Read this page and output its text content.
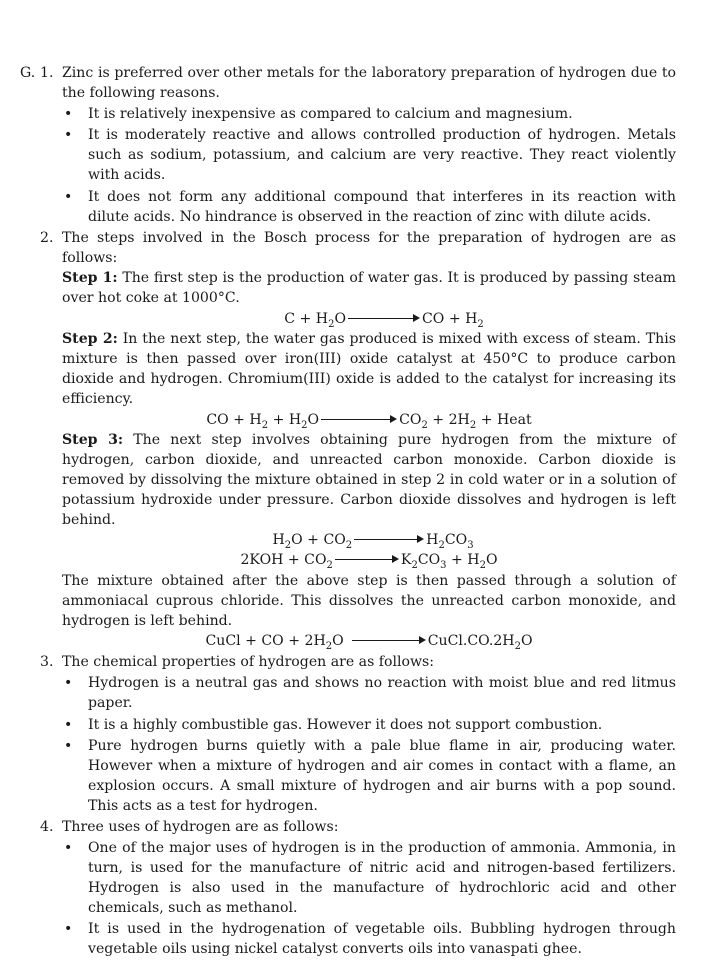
G. 1. Zinc is preferred over other metals for the laboratory preparation of hydrogen due to the following reasons.

• It is relatively inexpensive as compared to calcium and magnesium.
• It is moderately reactive and allows controlled production of hydrogen. Metals such as sodium, potassium, and calcium are very reactive. They react violently with acids.
• It does not form any additional compound that interferes in its reaction with dilute acids. No hindrance is observed in the reaction of zinc with dilute acids.
2. The steps involved in the Bosch process for the preparation of hydrogen are as follows:

Step 1: The first step is the production of water gas. It is produced by passing steam over hot coke at 1000°C.

$C + H_2O$	CO + $H_2$

Step 2: In the next step, the water gas produced is mixed with excess of steam. This mixture is then passed over iron(III) oxide catalyst at 450°C to produce carbon dioxide and hydrogen. Chromium(III) oxide is added to the catalyst for increasing its efficiency.

CO + $H_2 + H_2O$	$CO_2 + 2H_2$ + Heat

Step 3: The next step involves obtaining pure hydrogen from the mixture of hydrogen, carbon dioxide, and unreacted carbon monoxide. Carbon dioxide is removed by dissolving the mixture obtained in step 2 in cold water or in a solution of potassium hydroxide under pressure. Carbon dioxide dissolves and hydrogen is left behind.

$H_2O + CO_2$	$H_2CO_3$
$2KOH + CO_2$	$K_2CO_3 + H_2O$

The mixture obtained after the above step is then passed through a solution of ammoniacal cuprous chloride. This dissolves the unreacted carbon monoxide, and hydrogen is left behind.

CuCl + CO + $2H_2O$	$CuCl.CO.2H_2O$
3. The chemical properties of hydrogen are as follows:

• Hydrogen is a neutral gas and shows no reaction with moist blue and red litmus paper.
• It is a highly combustible gas. However it does not support combustion.
• Pure hydrogen burns quietly with a pale blue flame in air, producing water. However when a mixture of hydrogen and air comes in contact with a flame, an explosion occurs. A small mixture of hydrogen and air burns with a pop sound. This acts as a test for hydrogen.
4. Three uses of hydrogen are as follows:

• One of the major uses of hydrogen is in the production of ammonia. Ammonia, in turn, is used for the manufacture of nitric acid and nitrogen-based fertilizers. Hydrogen is also used in the manufacture of hydrochloric acid and other chemicals, such as methanol.
• It is used in the hydrogenation of vegetable oils. Bubbling hydrogen through vegetable oils using nickel catalyst converts oils into vanaspati ghee.
